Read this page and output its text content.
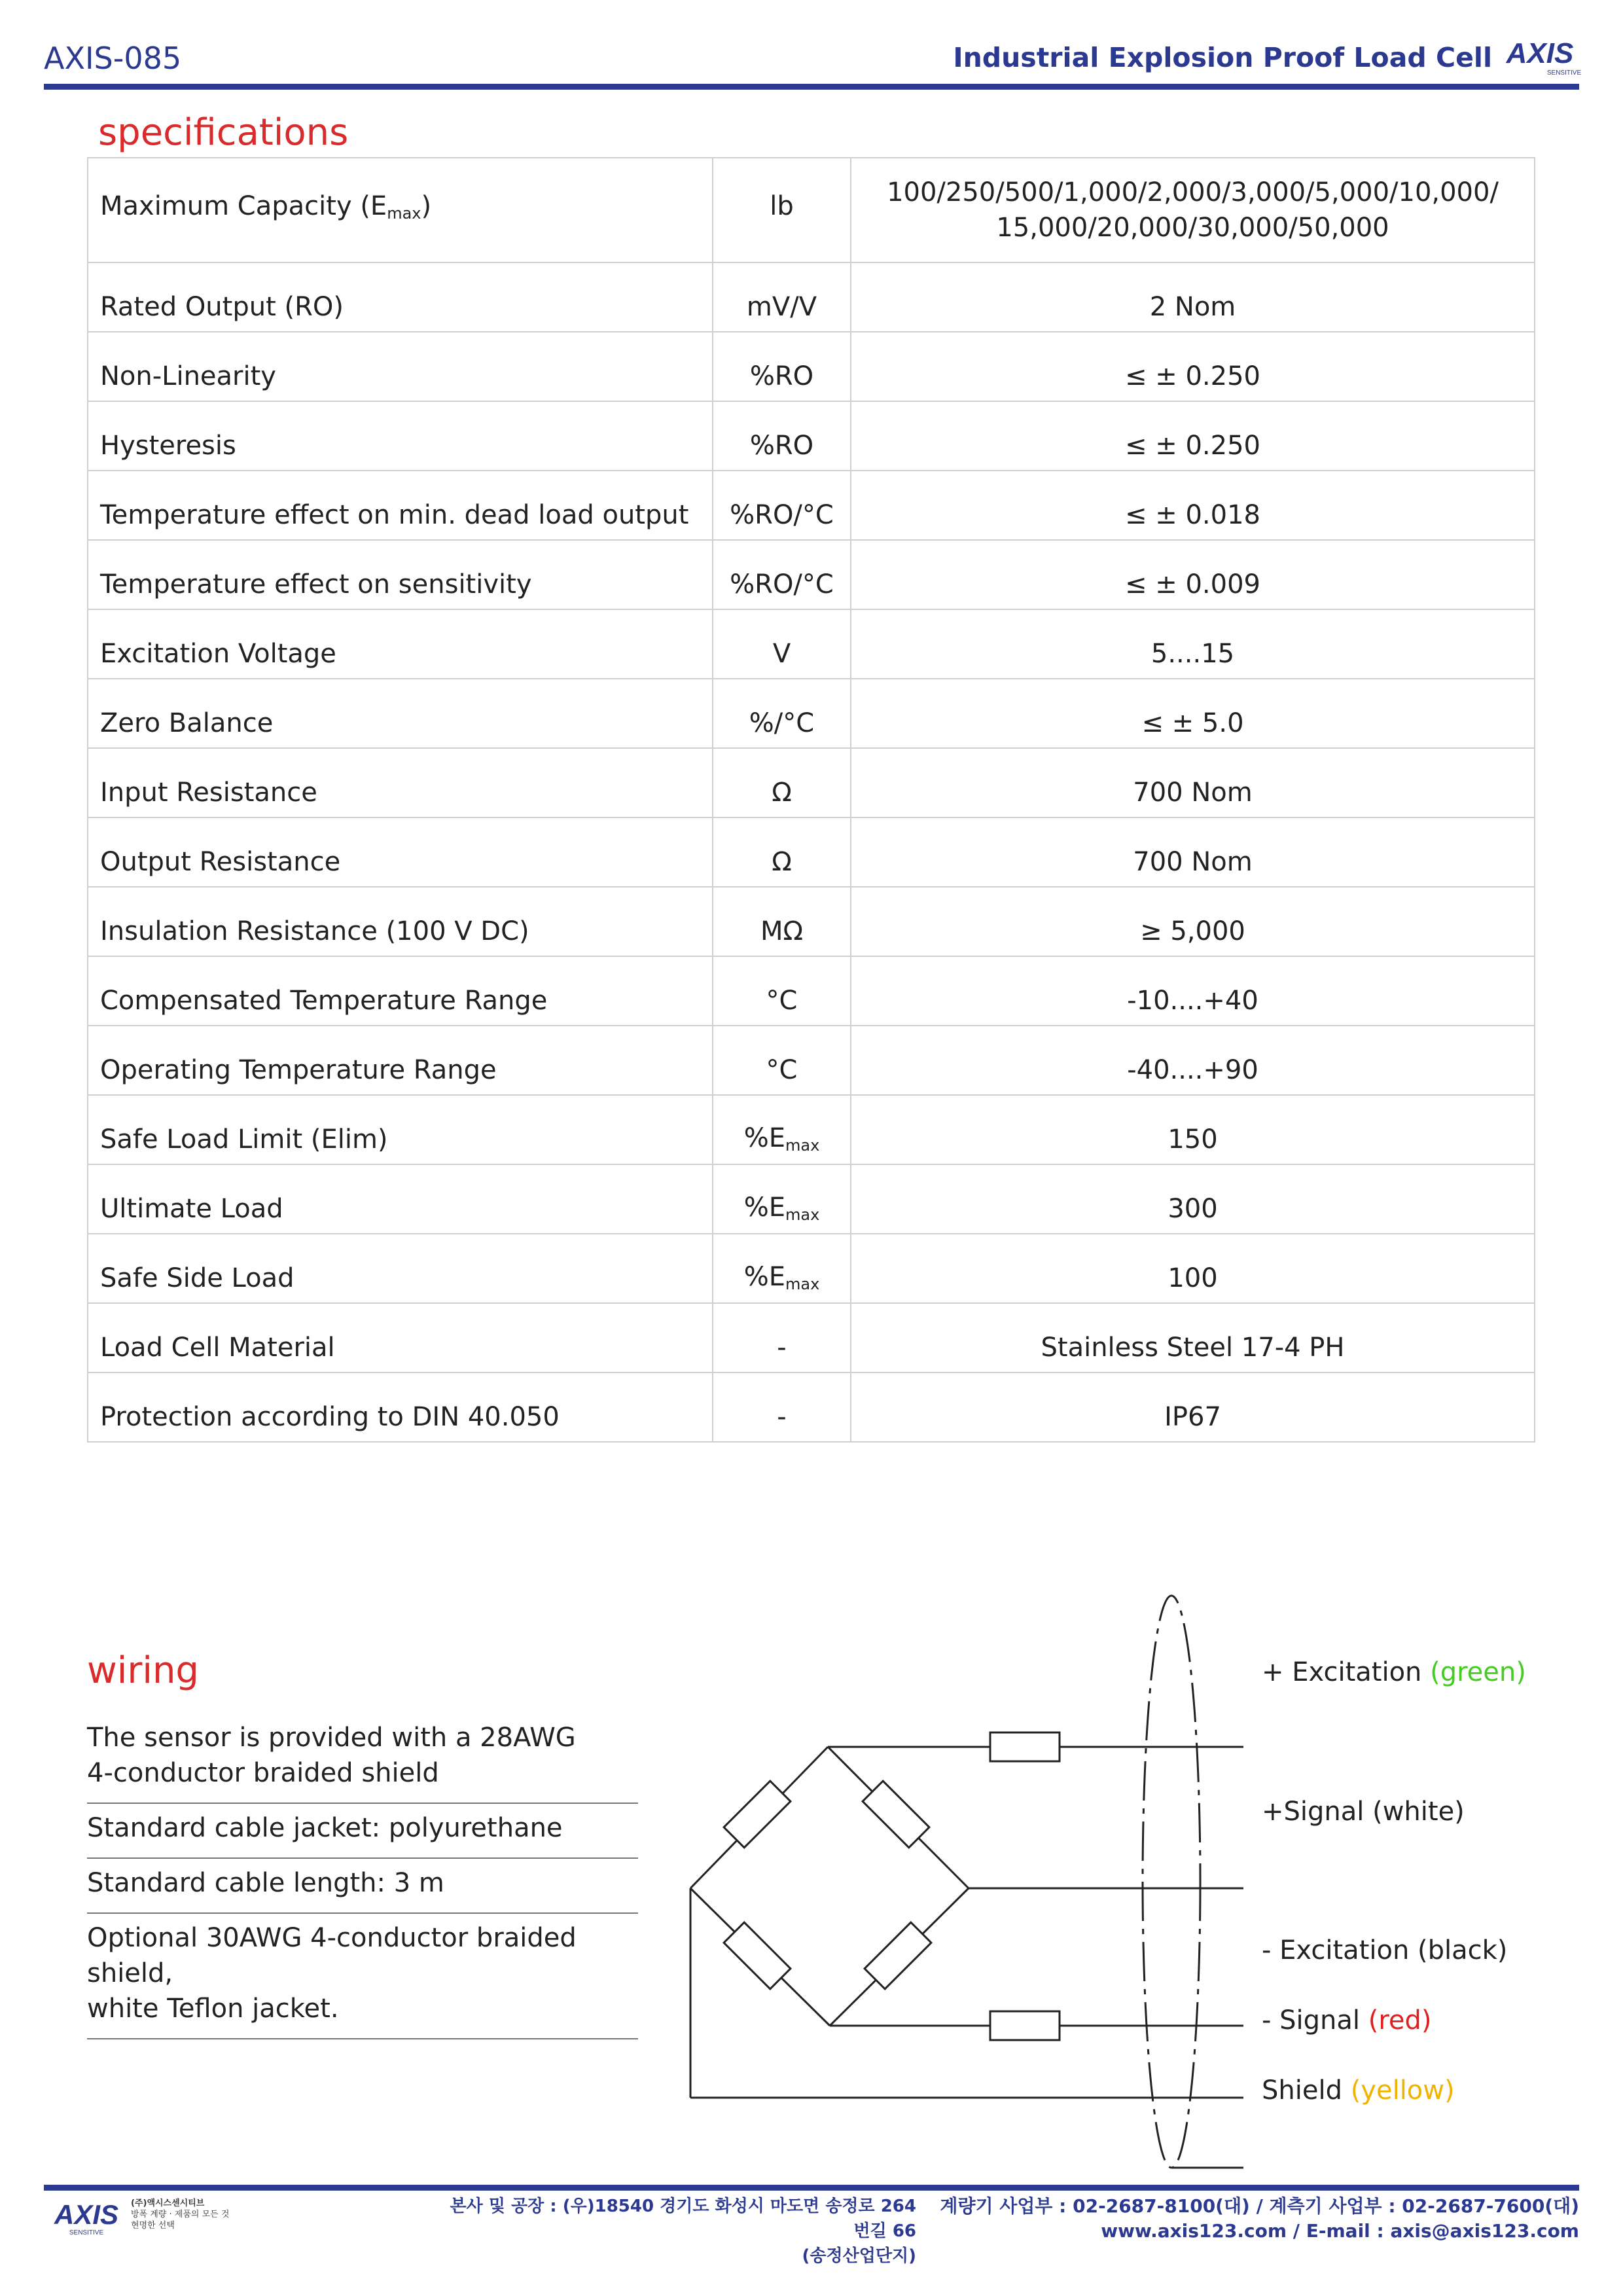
AXIS-085	Industrial Explosion Proof Load Cell AXIS
SENSITIVE
specifications
Maximum Capacity $(E_{max})$	lb	100/250/500/1,000/2,000/3,000/5,000/10,000/
15,000/20,000/30,000/50,000

Rated Output (RO)	mV/V	2 Nom

Non-Linearity	%RO	≤ ± 0.250

Hysteresis	%RO	≤ ± 0.250

Temperature effect on min. dead load output	%RO/°C	≤ ± 0.018

Temperature effect on sensitivity	%RO/°C	≤ ± 0.009

Excitation Voltage	V	5....15

Zero Balance	%/°C	≤ ± 5.0

Input Resistance	Ω	700 Nom

Output Resistance	Ω	700 Nom

Insulation Resistance (100 V DC)	MΩ	≥ 5,000

Compensated Temperature Range	°C	-10....+40

Operating Temperature Range	°C	-40....+90

Safe Load Limit (Elim)	$\%E_{max}$	150

Ultimate Load	$\%E_{max}$	300

Safe Side Load	$\%E_{max}$	100

Load Cell Material	-	Stainless Steel 17-4 PH

Protection according to DIN 40.050	-	IP67
wiring
The sensor is provided with a 28AWG
4-conductor braided shield
Standard cable jacket: polyurethane
Standard cable length: 3 m
Optional 30AWG 4-conductor braided shield,
white Teflon jacket.
+ Excitation (green)
+Signal (white)
- Excitation (black)
- Signal (red)
Shield (yellow)
AXIS
SENSITIVE
(주)액시스센시티브
방폭 계량 · 제품의 모든 것
현명한 선택
본사 및 공장 : (우)18540 경기도 화성시 마도면 송정로 264번길 66
(송정산업단지)
계량기 사업부 : 02-2687-8100(대) / 계측기 사업부 : 02-2687-7600(대)
www.axis123.com / E-mail : axis@axis123.com
